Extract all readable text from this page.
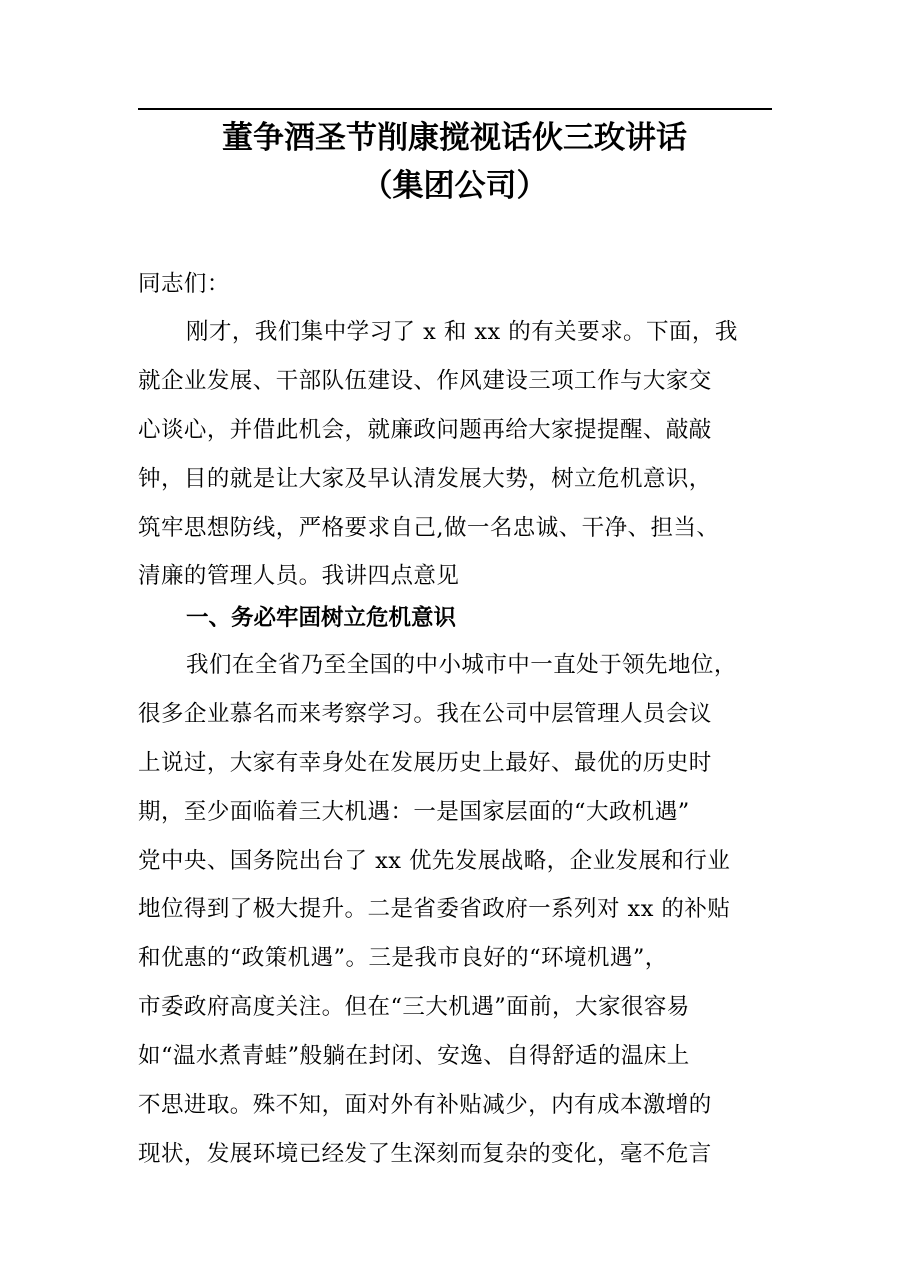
董争酒圣节削康搅视话伙三玫讲话
（集团公司）
同志们：
刚才，我们集中学习了 x 和 xx 的有关要求。下面，我
就企业发展、干部队伍建设、作风建设三项工作与大家交
心谈心，并借此机会，就廉政问题再给大家提提醒、敲敲
钟，目的就是让大家及早认清发展大势，树立危机意识，
筑牢思想防线，严格要求自己,做一名忠诚、干净、担当、
清廉的管理人员。我讲四点意见
一、务必牢固树立危机意识
我们在全省乃至全国的中小城市中一直处于领先地位，
很多企业慕名而来考察学习。我在公司中层管理人员会议
上说过，大家有幸身处在发展历史上最好、最优的历史时
期，至少面临着三大机遇：一是国家层面的“大政机遇”
党中央、国务院出台了 xx 优先发展战略，企业发展和行业
地位得到了极大提升。二是省委省政府一系列对 xx 的补贴
和优惠的“政策机遇”。三是我市良好的“环境机遇”，
市委政府高度关注。但在“三大机遇”面前，大家很容易
如“温水煮青蛙”般躺在封闭、安逸、自得舒适的温床上
不思进取。殊不知，面对外有补贴减少，内有成本激增的
现状，发展环境已经发了生深刻而复杂的变化，毫不危言
